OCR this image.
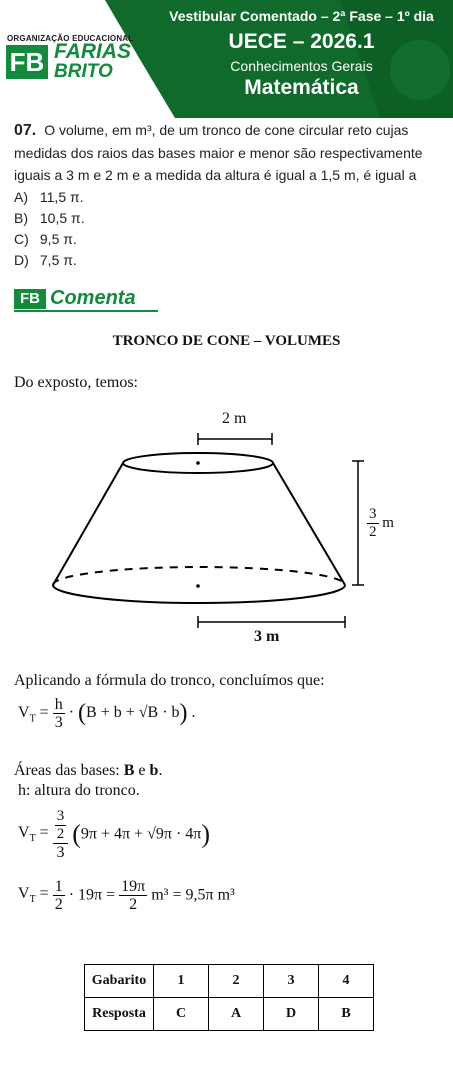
ORGANIZAÇÃO EDUCACIONAL
FB FARIAS
BRITO
Vestibular Comentado – 2ª Fase – 1º dia
UECE – 2026.1
Conhecimentos Gerais
Matemática
07. O volume, em m³, de um tronco de cone circular reto cujas
medidas dos raios das bases maior e menor são respectivamente
iguais a 3 m e 2 m e a medida da altura é igual a 1,5 m, é igual a
A) 11,5 π.
B) 10,5 π.
C) 9,5 π.
D) 7,5 π.
FB Comenta
TRONCO DE CONE – VOLUMES
Do exposto, temos:
2 m
$\frac{3}{2}$ m
3 m
Aplicando a fórmula do tronco, concluímos que:
$V_T = \frac{h}{3} \cdot (B + b + √B \cdot b)$ .
Áreas das bases: B e b.
h: altura do tronco.
$V_T = \frac{\frac{3}{2}}{3} (9\pi + 4\pi + √9\pi \cdot 4\pi)$
$V_T = \frac{1}{2} \cdot 19\pi = \frac{19\pi}{2} m^3 = 9,5\pi$ m³
Gabarito	1	2	3	4
Resposta	C	A	D	B
